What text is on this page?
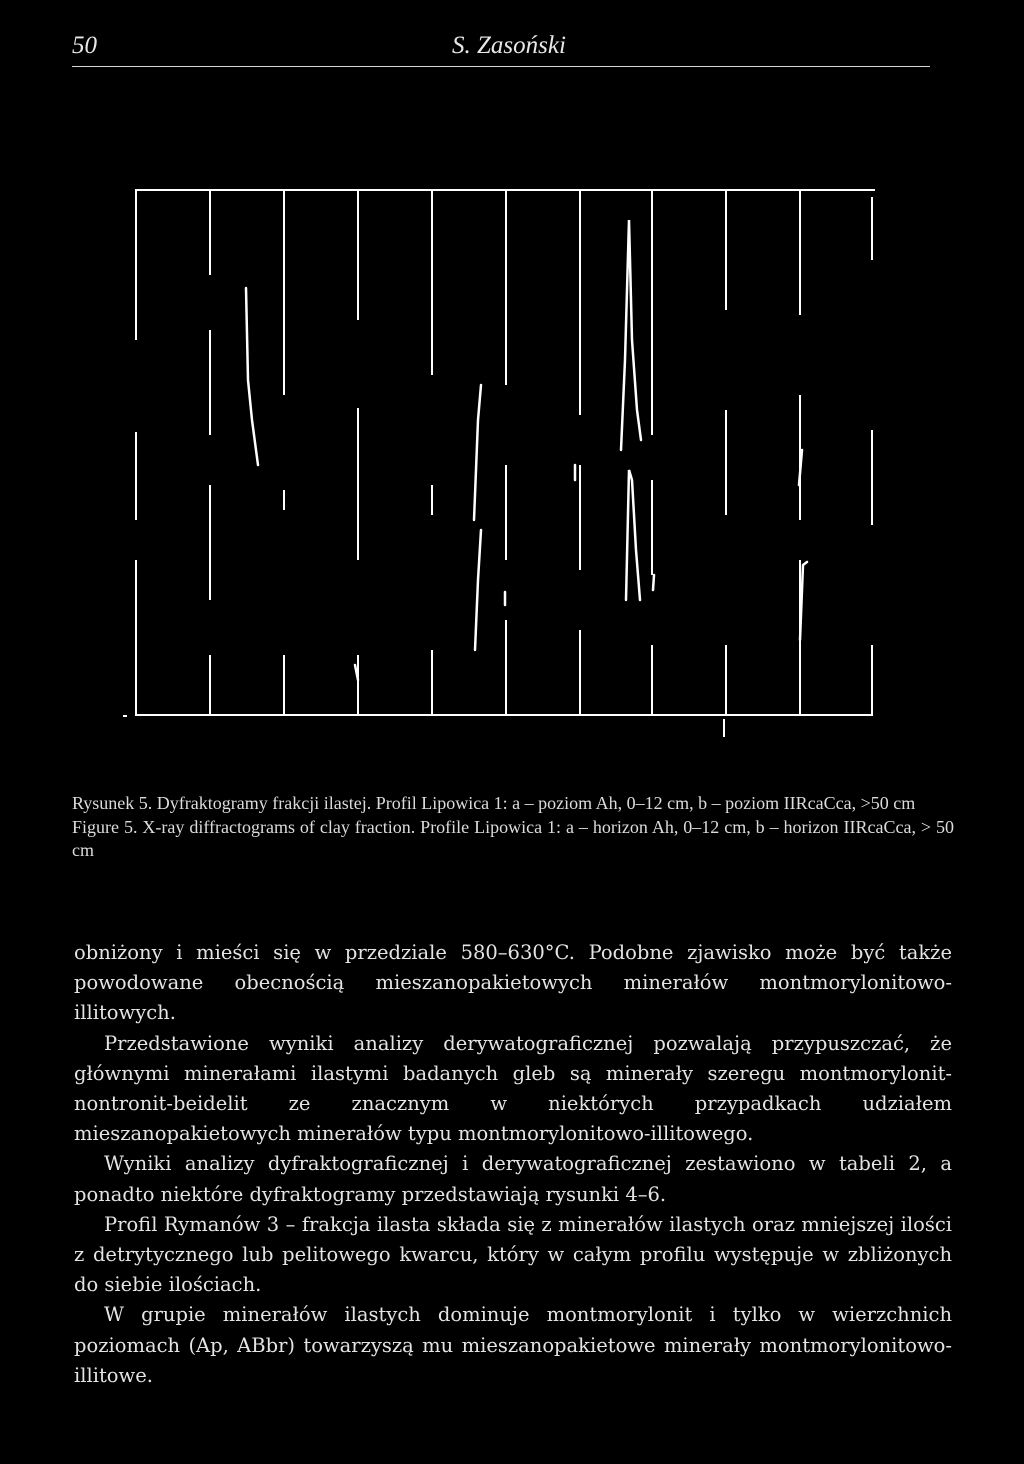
50	S. Zasoński

Rysunek 5. Dyfraktogramy frakcji ilastej. Profil Lipowica 1: a – poziom Ah, 0–12 cm, b – poziom IIRcaCca, >50 cm

Figure 5. X-ray diffractograms of clay fraction. Profile Lipowica 1: a – horizon Ah, 0–12 cm, b – horizon IIRcaCca, > 50 cm

obniżony i mieści się w przedziale 580–630°C. Podobne zjawisko może być także powodowane obecnością mieszanopakietowych minerałów montmorylonitowo-illitowych.

Przedstawione wyniki analizy derywatograficznej pozwalają przypuszczać, że głównymi minerałami ilastymi badanych gleb są minerały szeregu montmorylonit-nontronit-beidelit ze znacznym w niektórych przypadkach udziałem mieszanopakietowych minerałów typu montmorylonitowo-illitowego.

Wyniki analizy dyfraktograficznej i derywatograficznej zestawiono w tabeli 2, a ponadto niektóre dyfraktogramy przedstawiają rysunki 4–6.

Profil Rymanów 3 – frakcja ilasta składa się z minerałów ilastych oraz mniejszej ilości z detrytycznego lub pelitowego kwarcu, który w całym profilu występuje w zbliżonych do siebie ilościach.

W grupie minerałów ilastych dominuje montmorylonit i tylko w wierzchnich poziomach (Ap, ABbr) towarzyszą mu mieszanopakietowe minerały montmorylonitowo-illitowe.
